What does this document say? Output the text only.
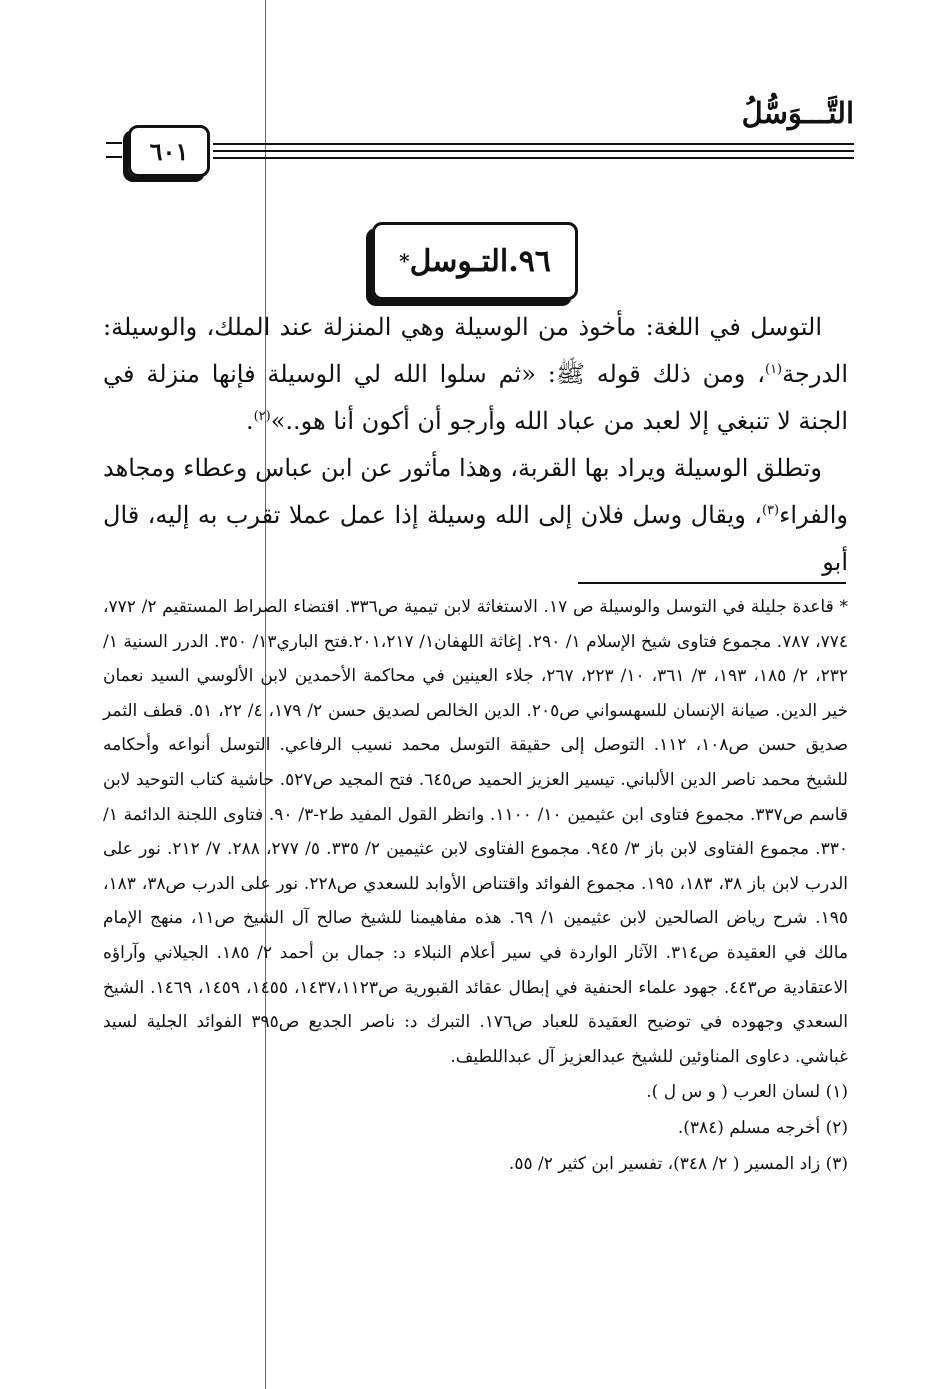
التَّـــوَسُّلُ
٦٠١
٩٦.التـوسل
*

التوسل في اللغة: مأخوذ من الوسيلة وهي المنزلة عند الملك، والوسيلة: الدرجة$^{(١)}$، ومن ذلك قوله ﷺ: «ثم سلوا الله لي الوسيلة فإنها منزلة في الجنة لا تنبغي إلا لعبد من عباد الله وأرجو أن أكون أنا هو..»$^{(٢)}$.

وتطلق الوسيلة ويراد بها القربة، وهذا مأثور عن ابن عباس وعطاء ومجاهد والفراء$^{(٣)}$، ويقال وسل فلان إلى الله وسيلة إذا عمل عملا تقرب به إليه، قال أبو

* قاعدة جليلة في التوسل والوسيلة ص ١٧. الاستغاثة لابن تيمية ص٣٣٦. اقتضاء الصراط المستقيم ٢/ ٧٧٢، ٧٧٤، ٧٨٧. مجموع فتاوى شيخ الإسلام ١/ ٢٩٠. إغاثة اللهفان١/ ٢٠١،٢١٧.فتح الباري١٣/ ٣٥٠. الدرر السنية ١/ ٢٣٢، ٢/ ١٨٥، ١٩٣، ٣/ ٣٦١، ١٠/ ٢٢٣، ٢٦٧، جلاء العينين في محاكمة الأحمدين لابن الألوسي السيد نعمان خير الدين. صيانة الإنسان للسهسواني ص٢٠٥. الدين الخالص لصديق حسن ٢/ ١٧٩، ٤/ ٢٢، ٥١. قطف الثمر صديق حسن ص١٠٨، ١١٢. التوصل إلى حقيقة التوسل محمد نسيب الرفاعي. التوسل أنواعه وأحكامه للشيخ محمد ناصر الدين الألباني. تيسير العزيز الحميد ص٦٤٥. فتح المجيد ص٥٢٧. حاشية كتاب التوحيد لابن قاسم ص٣٣٧. مجموع فتاوى ابن عثيمين ١٠/ ١١٠٠. وانظر القول المفيد ط٢-٣/ ٩٠. فتاوى اللجنة الدائمة ١/ ٣٣٠. مجموع الفتاوى لابن باز ٣/ ٩٤٥. مجموع الفتاوى لابن عثيمين ٢/ ٣٣٥. ٥/ ٢٧٧، ٢٨٨. ٧/ ٢١٢. نور على الدرب لابن باز ٣٨، ١٨٣، ١٩٥. مجموع الفوائد واقتناص الأوابد للسعدي ص٢٢٨. نور على الدرب ص٣٨، ١٨٣، ١٩٥. شرح رياض الصالحين لابن عثيمين ١/ ٦٩. هذه مفاهيمنا للشيخ صالح آل الشيخ ص١١، منهج الإمام مالك في العقيدة ص٣١٤. الآثار الواردة في سير أعلام النبلاء د: جمال بن أحمد ٢/ ١٨٥. الجيلاني وآراؤه الاعتقادية ص٤٤٣. جهود علماء الحنفية في إبطال عقائد القبورية ص١٤٣٧،١١٢٣، ١٤٥٥، ١٤٥٩، ١٤٦٩. الشيخ السعدي وجهوده في توضيح العقيدة للعباد ص١٧٦. التبرك د: ناصر الجديع ص٣٩٥ الفوائد الجلية لسيد غباشي. دعاوى المناوئين للشيخ عبدالعزيز آل عبداللطيف.

(١) لسان العرب ( و س ل ).
(٢) أخرجه مسلم (٣٨٤).
(٣) زاد المسير ( ٢/ ٣٤٨)، تفسير ابن كثير ٢/ ٥٥.
